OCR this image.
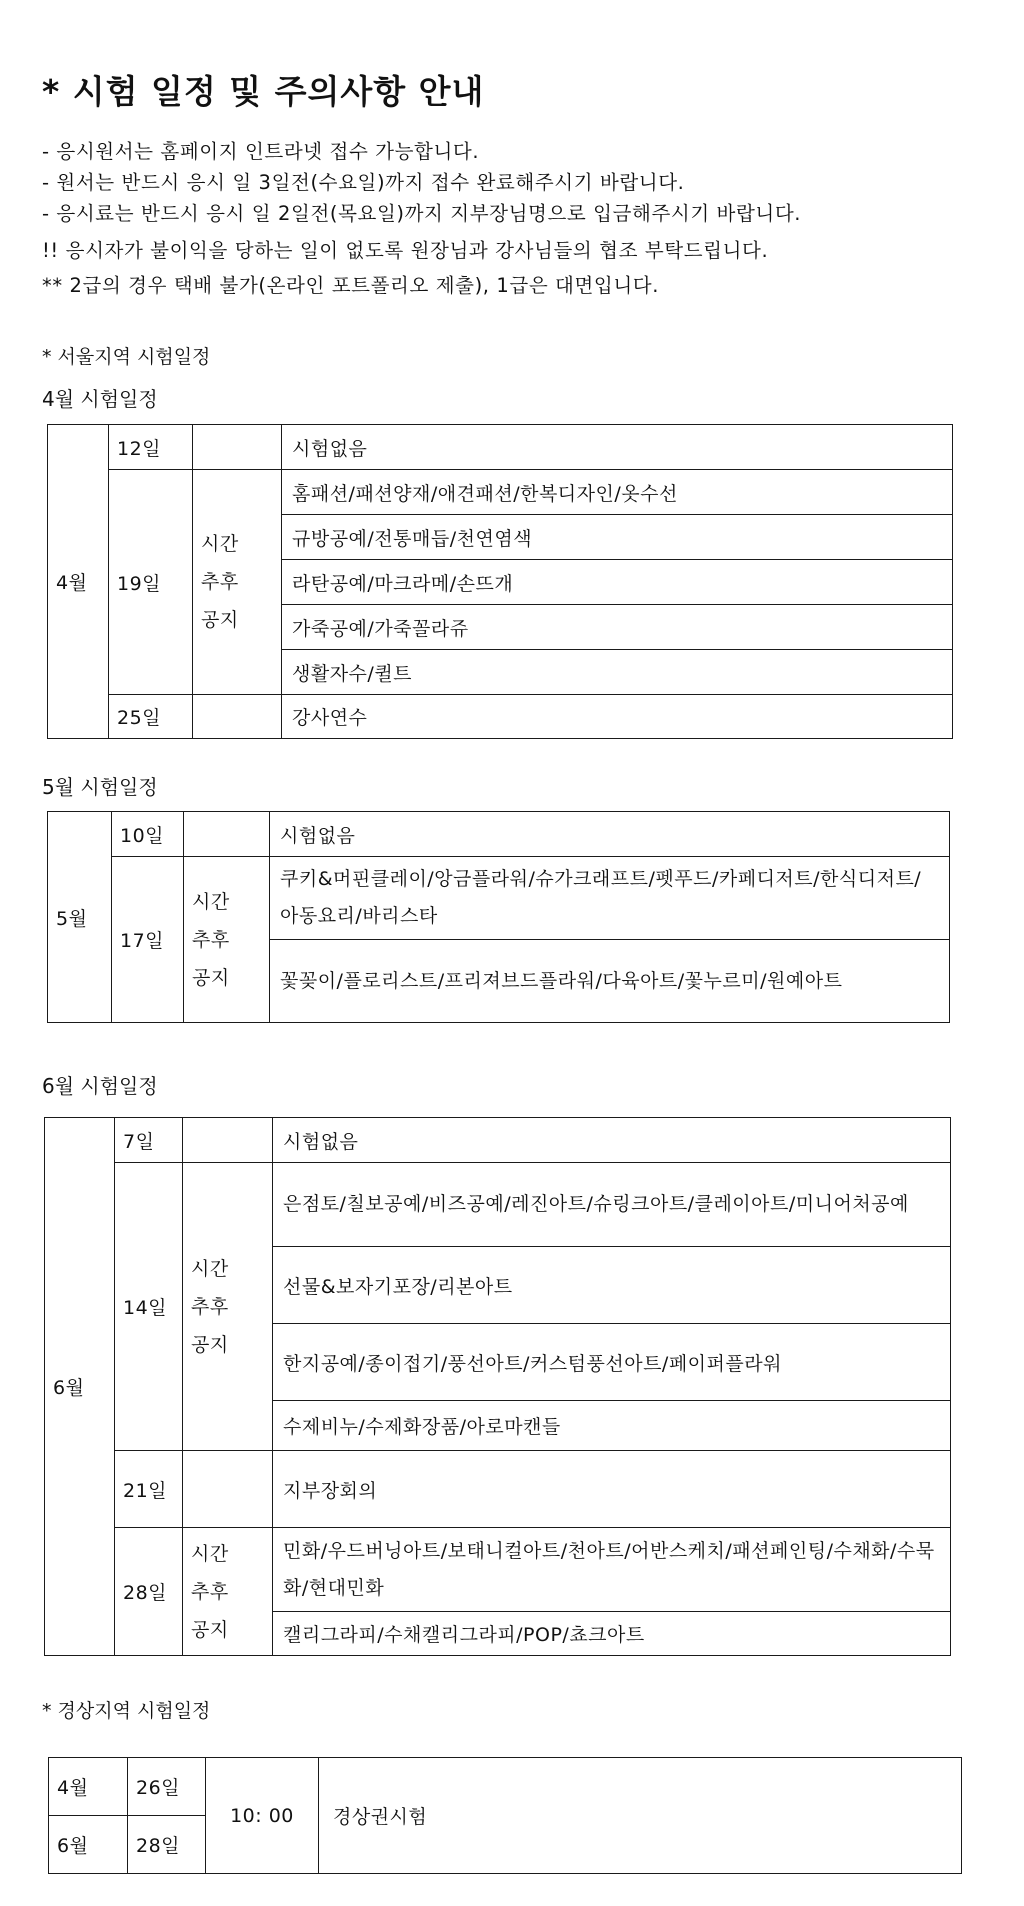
* 시험 일정 및 주의사항 안내
- 응시원서는 홈페이지 인트라넷 접수 가능합니다.
- 원서는 반드시 응시 일 3일전(수요일)까지 접수 완료해주시기 바랍니다.
- 응시료는 반드시 응시 일 2일전(목요일)까지 지부장님명으로 입금해주시기 바랍니다.
!! 응시자가 불이익을 당하는 일이 없도록 원장님과 강사님들의 협조 부탁드립니다.
** 2급의 경우 택배 불가(온라인 포트폴리오 제출), 1급은 대면입니다.
* 서울지역 시험일정
4월 시험일정
4월	12일		시험없음
	19일	시간
추후
공지	홈패션/패션양재/애견패션/한복디자인/옷수선
			규방공예/전통매듭/천연염색
			라탄공예/마크라메/손뜨개
			가죽공예/가죽꼴라쥬
			생활자수/퀼트
	25일		강사연수
5월 시험일정
5월	10일		시험없음
	17일	시간
추후
공지	쿠키&머핀클레이/앙금플라워/슈가크래프트/펫푸드/카페디저트/한식디저트/아동요리/바리스타
			꽃꽂이/플로리스트/프리져브드플라워/다육아트/꽃누르미/원예아트
6월 시험일정
6월	7일		시험없음
	14일	시간
추후
공지	은점토/칠보공예/비즈공예/레진아트/슈링크아트/클레이아트/미니어처공예
			선물&보자기포장/리본아트
			한지공예/종이접기/풍선아트/커스텀풍선아트/페이퍼플라워
			수제비누/수제화장품/아로마캔들
	21일		지부장회의
	28일	시간
추후
공지	민화/우드버닝아트/보태니컬아트/천아트/어반스케치/패션페인팅/수채화/수묵화/현대민화
			캘리그라피/수채캘리그라피/POP/쵸크아트
* 경상지역 시험일정
4월	26일	10: 00	경상권시험
6월	28일		
